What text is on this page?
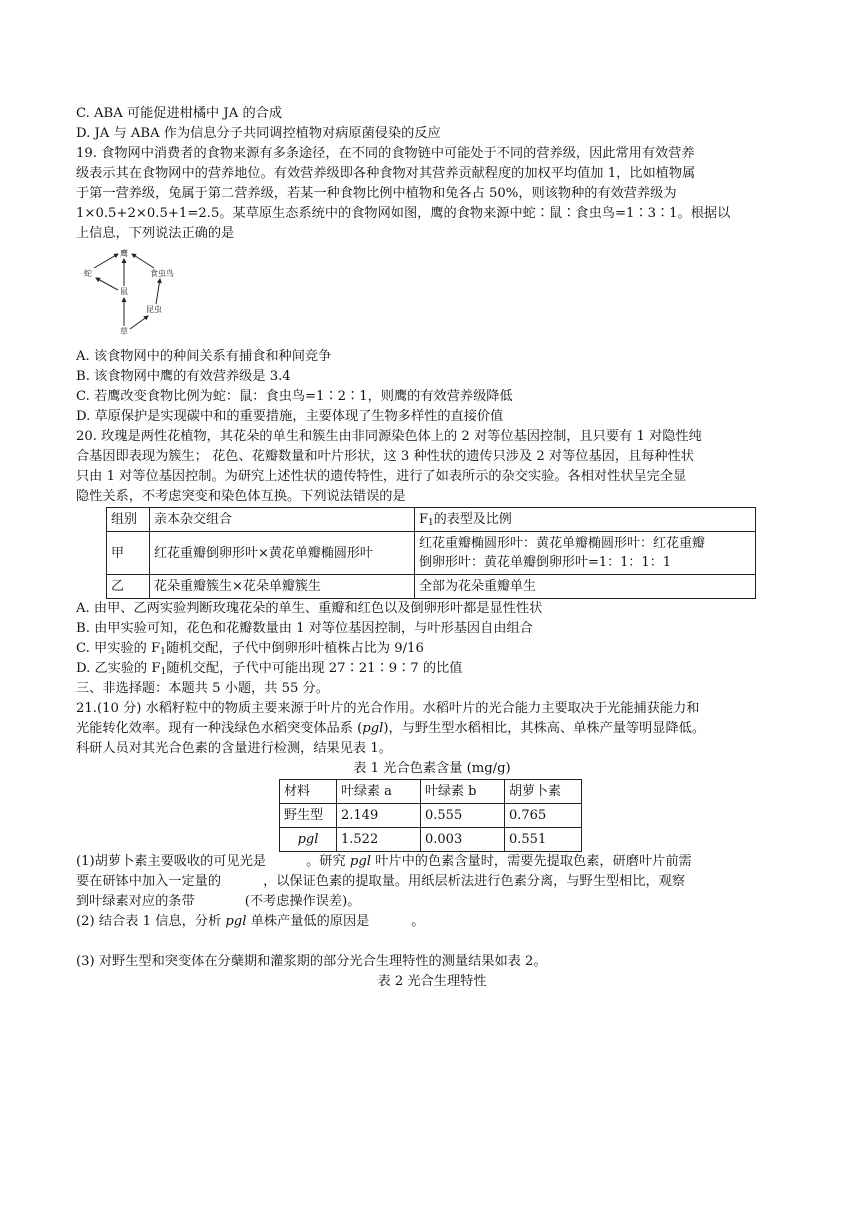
C. ABA 可能促进柑橘中 JA 的合成
D. JA 与 ABA 作为信息分子共同调控植物对病原菌侵染的反应
19. 食物网中消费者的食物来源有多条途径，在不同的食物链中可能处于不同的营养级，因此常用有效营养
级表示其在食物网中的营养地位。有效营养级即各种食物对其营养贡献程度的加权平均值加 1，比如植物属
于第一营养级，兔属于第二营养级，若某一种食物比例中植物和兔各占 50%，则该物种的有效营养级为
1×0.5+2×0.5+1=2.5。某草原生态系统中的食物网如图，鹰的食物来源中蛇∶鼠∶食虫鸟=1∶3∶1。根据以
上信息，下列说法正确的是
鹰
蛇	食虫鸟
鼠
昆虫
草
A. 该食物网中的种间关系有捕食和种间竞争
B. 该食物网中鹰的有效营养级是 3.4
C. 若鹰改变食物比例为蛇：鼠：食虫鸟=1∶2∶1，则鹰的有效营养级降低
D. 草原保护是实现碳中和的重要措施，主要体现了生物多样性的直接价值
20. 玫瑰是两性花植物，其花朵的单生和簇生由非同源染色体上的 2 对等位基因控制，且只要有 1 对隐性纯
合基因即表现为簇生； 花色、花瓣数量和叶片形状，这 3 种性状的遗传只涉及 2 对等位基因，且每种性状
只由 1 对等位基因控制。为研究上述性状的遗传特性，进行了如表所示的杂交实验。各相对性状呈完全显
隐性关系，不考虑突变和染色体互换。下列说法错误的是
组别	亲本杂交组合	$F_1$的表型及比例
甲	红花重瓣倒卵形叶×黄花单瓣椭圆形叶	红花重瓣椭圆形叶：黄花单瓣椭圆形叶：红花重瓣
倒卵形叶：黄花单瓣倒卵形叶=1：1：1：1

乙	花朵重瓣簇生×花朵单瓣簇生	全部为花朵重瓣单生
A. 由甲、乙两实验判断玫瑰花朵的单生、重瓣和红色以及倒卵形叶都是显性性状
B. 由甲实验可知，花色和花瓣数量由 1 对等位基因控制，与叶形基因自由组合
C. 甲实验的 $F_1$随机交配，子代中倒卵形叶植株占比为 9/16
D. 乙实验的 $F_1$随机交配，子代中可能出现 27∶21∶9∶7 的比值
三、非选择题：本题共 5 小题，共 55 分。
21.(10 分) 水稻籽粒中的物质主要来源于叶片的光合作用。水稻叶片的光合能力主要取决于光能捕获能力和
光能转化效率。现有一种浅绿色水稻突变体品系 (pgl)，与野生型水稻相比，其株高、单株产量等明显降低。
科研人员对其光合色素的含量进行检测，结果见表 1。
表 1 光合色素含量 (mg/g)
材料	叶绿素 a	叶绿素 b	胡萝卜素
野生型	2.149	0.555	0.765
pgl	1.522	0.003	0.551
(1)胡萝卜素主要吸收的可见光是	。研究 pgl 叶片中的色素含量时，需要先提取色素，研磨叶片前需
要在研钵中加入一定量的	，以保证色素的提取量。用纸层析法进行色素分离，与野生型相比，观察
到叶绿素对应的条带	(不考虑操作误差)。
(2) 结合表 1 信息，分析 pgl 单株产量低的原因是	。
(3) 对野生型和突变体在分蘖期和灌浆期的部分光合生理特性的测量结果如表 2。
表 2 光合生理特性
